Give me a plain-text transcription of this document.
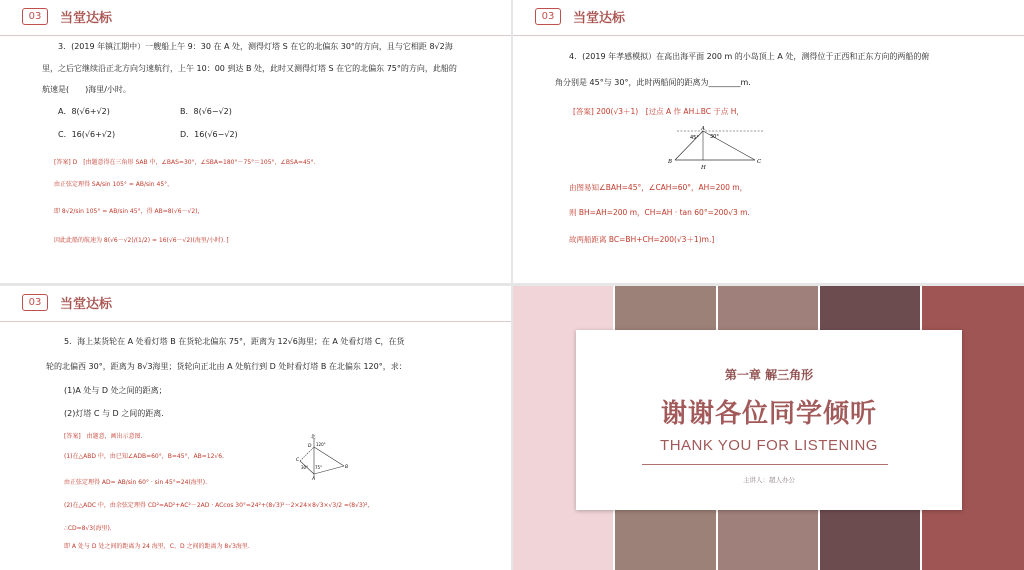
03	当堂达标
3．(2019 年镇江期中）一艘船上午 9：30 在 A 处，测得灯塔 S 在它的北偏东 30°的方向，且与它相距 8√2海
里，之后它继续沿正北方向匀速航行，上午 10：00 到达 B 处，此时又测得灯塔 S 在它的北偏东 75°的方向，此船的
航速是(　　)海里/小时。
A．8(√6+√2)	B．8(√6−√2)
C．16(√6+√2)	D．16(√6−√2)
[答案] D　[由题意得在三角形 SAB 中，∠BAS=30°，∠SBA=180°－75°＝105°，∠BSA=45°.
由正弦定理得 SA/sin 105° = AB/sin 45°，
即 8√2/sin 105° = AB/sin 45°，得 AB=8(√6－√2)，
因此此船的航速为 8(√6－√2)/(1/2) = 16(√6－√2)(海里/小时)．]
03	当堂达标
4．(2019 年孝感模拟）在高出海平面 200 m 的小岛顶上 A 处，测得位于正西和正东方向的两船的俯
角分别是 45°与 30°，此时两船间的距离为________m.
[答案] 200(√3＋1)　[过点 A 作 AH⊥BC 于点 H，
A
B	C
H
45° 30°
由图易知∠BAH=45°，∠CAH=60°，AH=200 m，
则 BH=AH=200 m，CH=AH · tan 60°=200√3 m.
故两船距离 BC=BH+CH=200(√3＋1)m.]
03	当堂达标
5．海上某货轮在 A 处看灯塔 B 在货轮北偏东 75°，距离为 12√6海里；在 A 处看灯塔 C，在货
轮的北偏西 30°，距离为 8√3海里；货轮向正北由 A 处航行到 D 处时看灯塔 B 在北偏东 120°，求：
(1)A 处与 D 处之间的距离；
(2)灯塔 C 与 D 之间的距离.
[答案]　由题意，画出示意图.	北
D
A
B
C
120°
30° 75°
(1)在△ABD 中，由已知∠ADB=60°，B=45°，AB=12√6.
由正弦定理得 AD= AB/sin 60° · sin 45°=24(海里).
(2)在△ADC 中，由余弦定理得 CD²=AD²+AC²－2AD · ACcos 30°=24²+(8√3)²－2×24×8√3×√3/2 =(8√3)²,
∴CD=8√3(海里).
即 A 处与 D 处之间的距离为 24 海里，C、D 之间的距离为 8√3海里.
第一章 解三角形
谢谢各位同学倾听
THANK YOU FOR LISTENING
主讲人：超人办公
